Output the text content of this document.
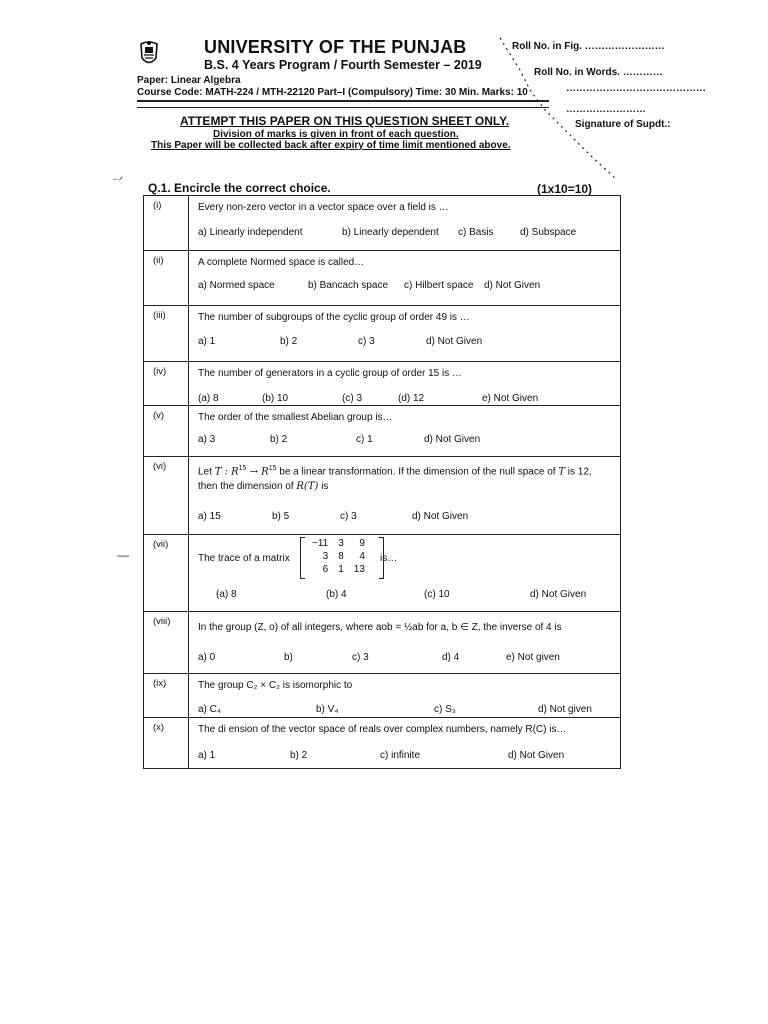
UNIVERSITY OF THE PUNJAB
B.S. 4 Years Program / Fourth Semester – 2019
Paper: Linear Algebra
Course Code: MATH-224 / MTH-22120 Part–I (Compulsory) Time: 30 Min. Marks: 10
Roll No. in Fig. ……………………
Roll No. in Words. …………
……………………………………
……………………
Signature of Supdt.:
ATTEMPT THIS PAPER ON THIS QUESTION SHEET ONLY.
Division of marks is given in front of each question.
This Paper will be collected back after expiry of time limit mentioned above.
⁻ᐟ
—
Q.1. Encircle the correct choice.	(1x10=10)
(i)	Every non-zero vector in a vector space over a field is …
a) Linearly independent	b) Linearly dependent c) Basis	d) Subspace
(ii)	A complete Normed space is called…
a) Normed space	b) Bancach space c) Hilbert space d) Not Given
(iii)	The number of subgroups of the cyclic group of order 49 is …
a) 1	b) 2	c) 3	d) Not Given
(iv)	The number of generators in a cyclic group of order 15 is …
(a) 8	(b) 10	(c) 3	(d) 12	e) Not Given
(v)	The order of the smallest Abelian group is…
a) 3	b) 2	c) 1	d) Not Given
(vi)	Let T : $R^{15} \to R^{15}$ be a linear transformation. If the dimension of the null space of T is 12, then the dimension of R(T) is
a) 15	b) 5	c) 3	d) Not Given
(vii)
The trace of a matrix	is…
−11	3	9
3	8	4
6	1	13
(a) 8	(b) 4	(c) 10	d) Not Given
(viii)
In the group (Z, o) of all integers, where aob = ½ab for a, b ∈ Z, the inverse of 4 is
a) 0	b)	c) 3	d) 4	e) Not given
(ix)	The group C₂ × C₂ is isomorphic to
a) C₄	b) V₄	c) S₃	d) Not given
(x)	The di ension of the vector space of reals over complex numbers, namely R(C) is…
a) 1	b) 2	c) infinite	d) Not Given
